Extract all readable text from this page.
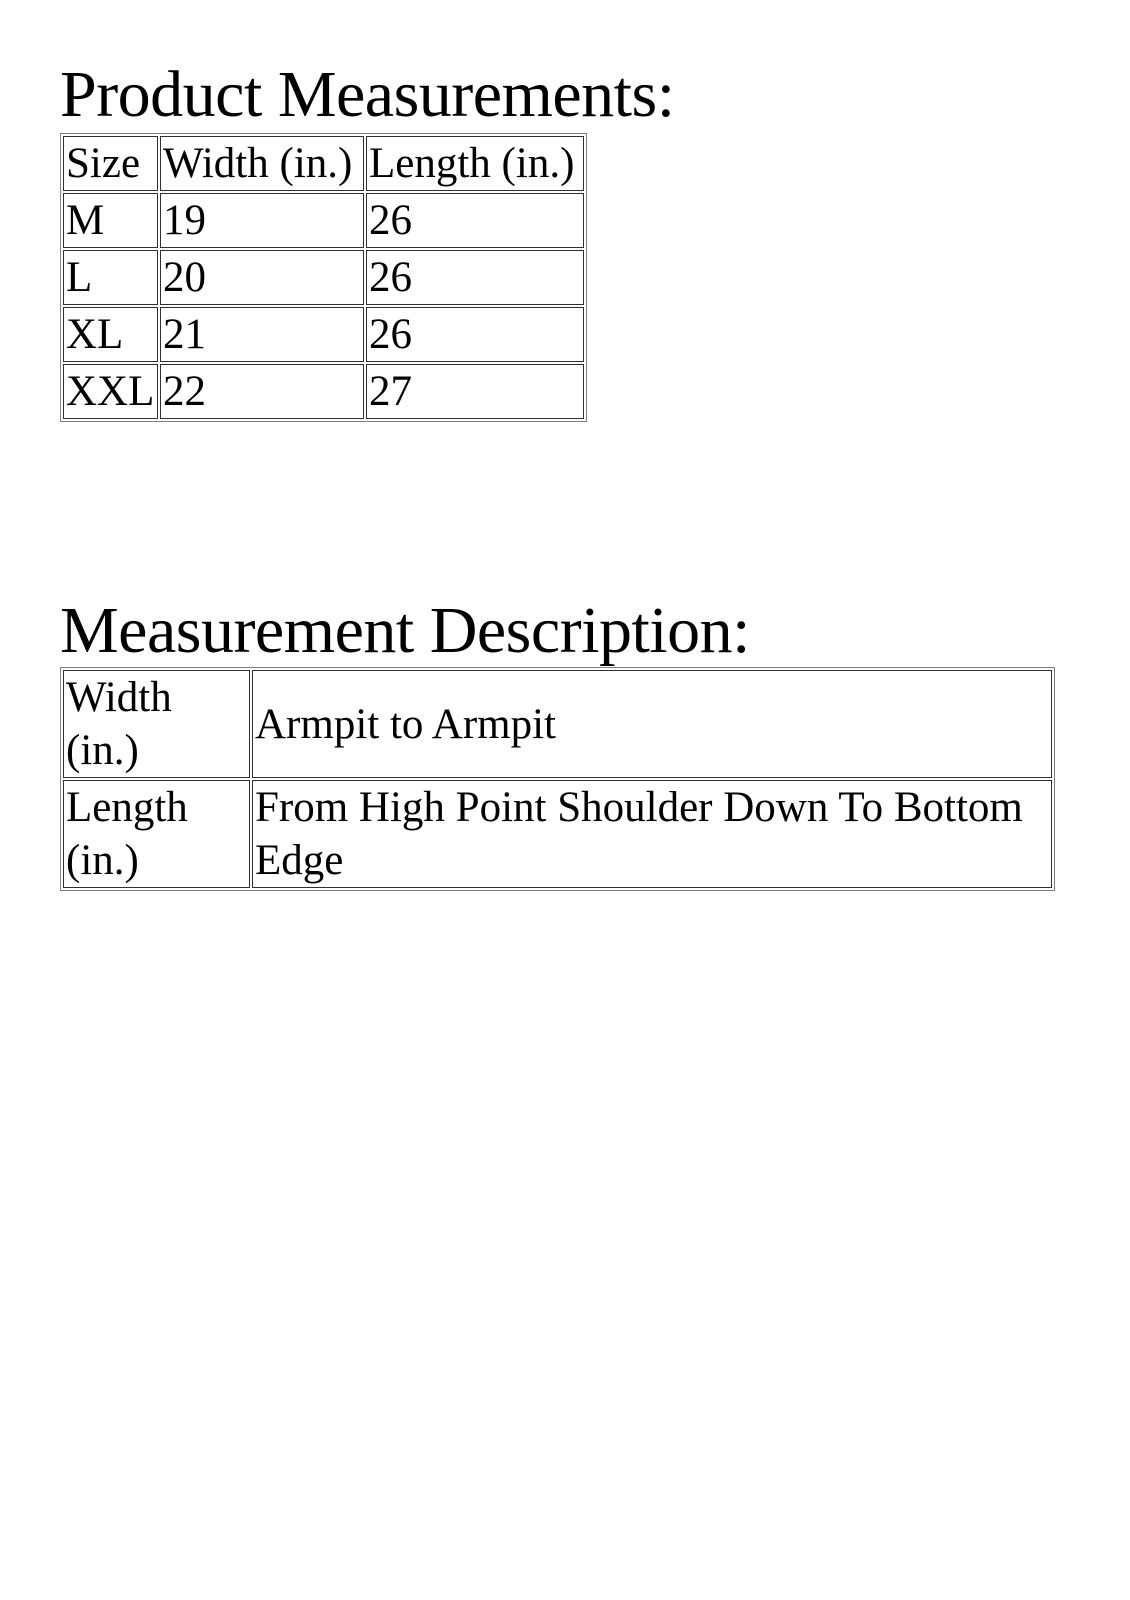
Product Measurements:
Size	Width (in.)	Length (in.)
M	19	26
L	20	26
XL	21	26
XXL	22	27
Measurement Description:
Width (in.)	Armpit to Armpit
Length (in.)	From High Point Shoulder Down To Bottom Edge
